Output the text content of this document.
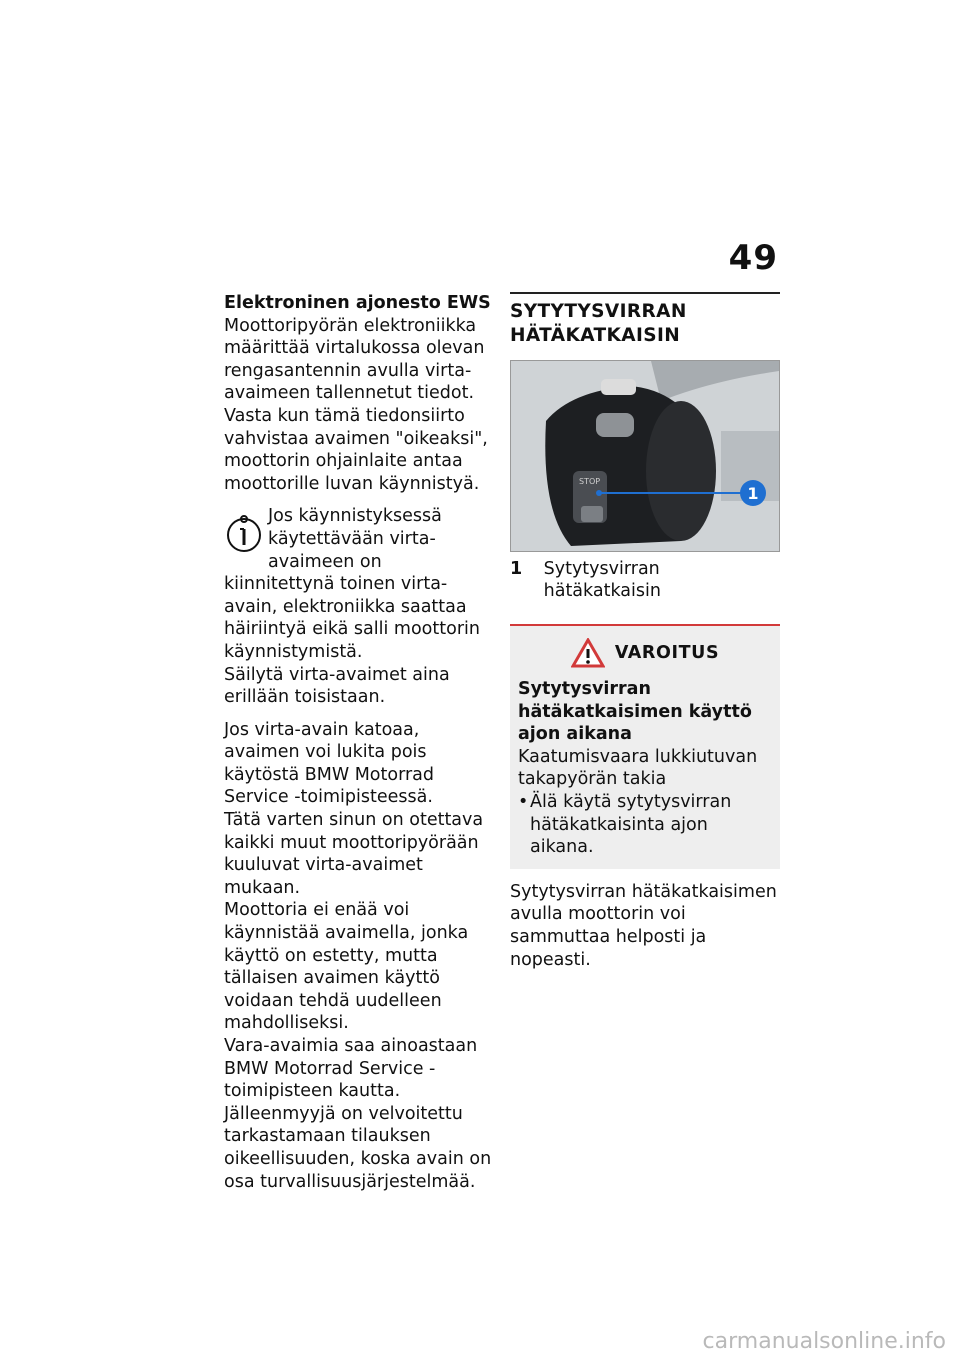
49

Elektroninen ajonesto EWS

Moottoripyörän elektroniikka määrittää virtalukossa olevan rengasantennin avulla virta-avaimeen tallennetut tiedot. Vasta kun tämä tiedonsiirto vahvistaa avaimen "oikeaksi", moottorin ohjainlaite antaa moottorille luvan käynnistyä.

Jos käynnistyksessä käytettävään virta-avaimeen on kiinnitettynä toinen virta-avain, elektroniikka saattaa häiriintyä eikä salli moottorin käynnistymistä.

Säilytä virta-avaimet aina erillään toisistaan.

Jos virta-avain katoaa, avaimen voi lukita pois käytöstä BMW Motorrad Service -toimipisteessä.

Tätä varten sinun on otettava kaikki muut moottoripyörään kuuluvat virta-avaimet mukaan.

Moottoria ei enää voi käynnistää avaimella, jonka käyttö on estetty, mutta tällaisen avaimen käyttö voidaan tehdä uudelleen mahdolliseksi.

Vara-avaimia saa ainoastaan BMW Motorrad Service -toimipisteen kautta. Jälleenmyyjä on velvoitettu tarkastamaan tilauksen oikeellisuuden, koska avain on osa turvallisuusjärjestelmää.

SYTYTYSVIRRAN HÄTÄKATKAISIN
STOP
1
1	Sytytysvirran hätäkatkaisin
VAROITUS

Sytytysvirran hätäkatkaisimen käyttö ajon aikana

Kaatumisvaara lukkiutuvan takapyörän takia

• Älä käytä sytytysvirran hätäkatkaisinta ajon aikana.

Sytytysvirran hätäkatkaisimen avulla moottorin voi sammuttaa helposti ja nopeasti.

carmanualsonline.info
